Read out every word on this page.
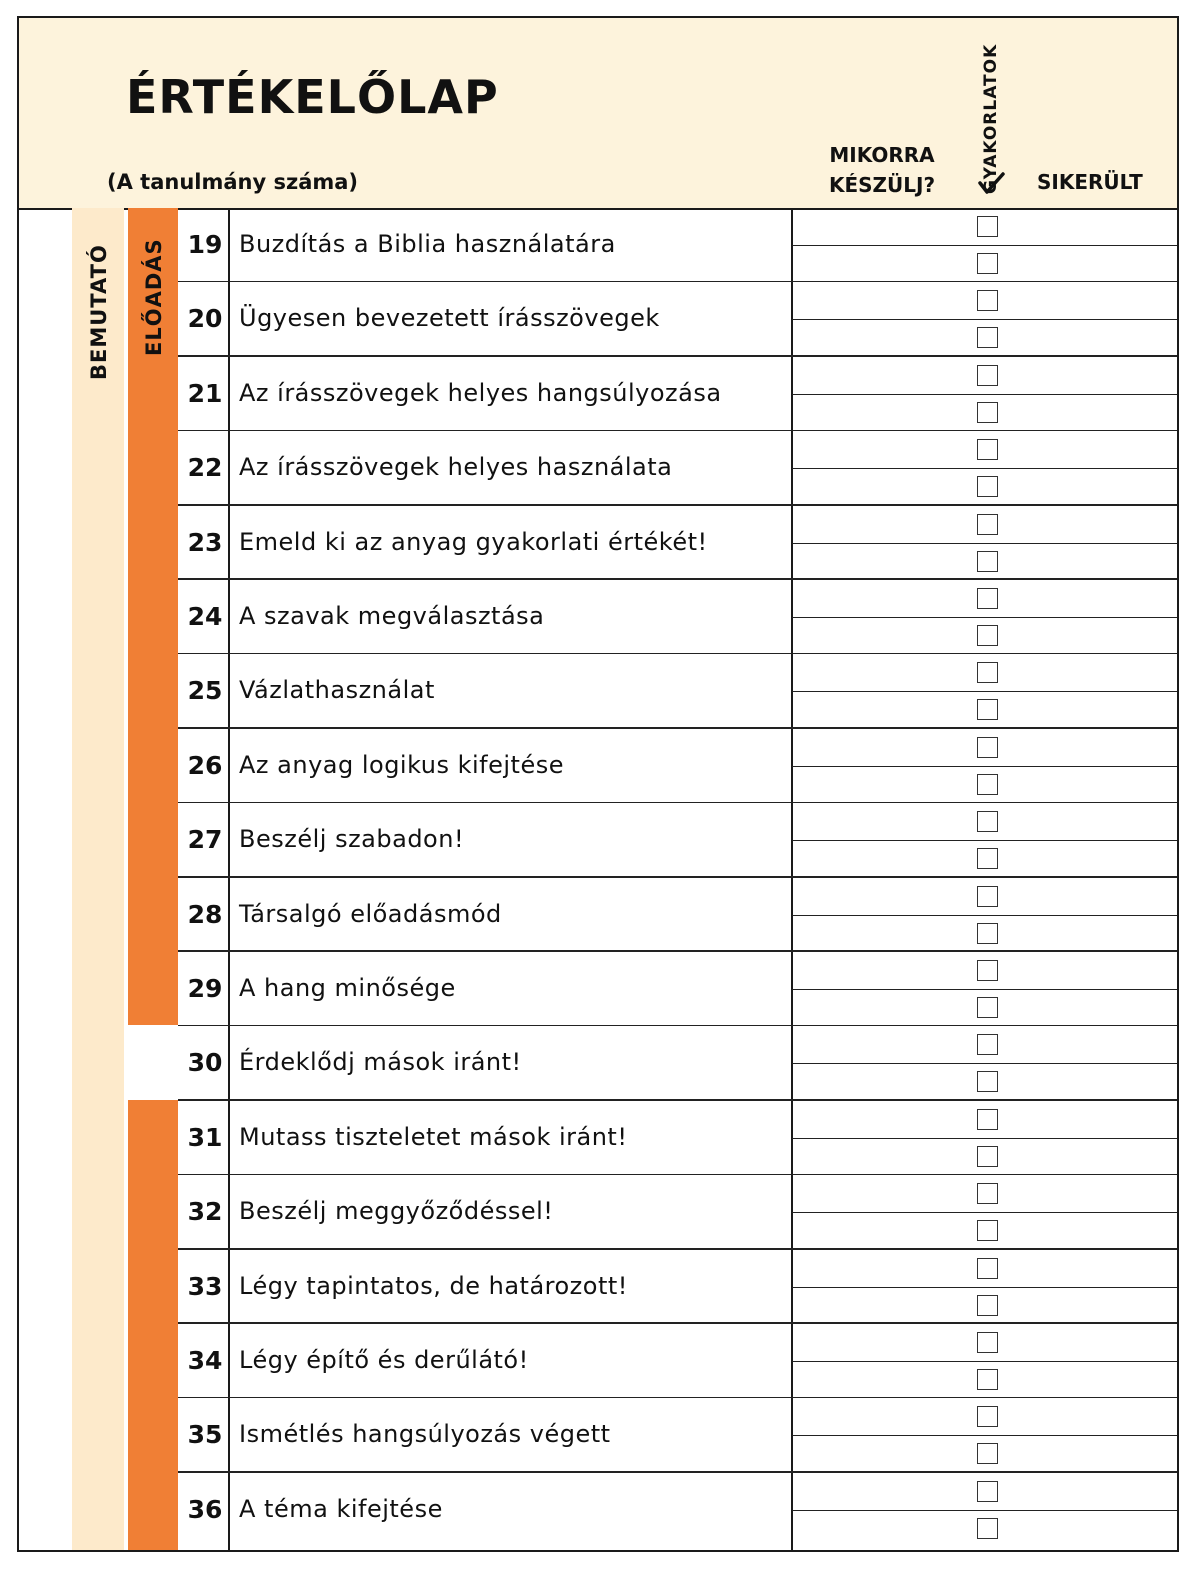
ÉRTÉKELŐLAP
(A tanulmány száma)
MIKORRA
KÉSZÜLJ?	GYAKORLATOK SIKERÜLT
BEMUTATÓ ELŐADÁS 19 Buzdítás a Biblia használatára
20 Ügyesen bevezetett írásszövegek
21 Az írásszövegek helyes hangsúlyozása
22 Az írásszövegek helyes használata
23 Emeld ki az anyag gyakorlati értékét!
24 A szavak megválasztása
25 Vázlathasználat
26 Az anyag logikus kifejtése
27 Beszélj szabadon!
28 Társalgó előadásmód
29 A hang minősége
30 Érdeklődj mások iránt!
31 Mutass tiszteletet mások iránt!
32 Beszélj meggyőződéssel!
33 Légy tapintatos, de határozott!
34 Légy építő és derűlátó!
35 Ismétlés hangsúlyozás végett
36 A téma kifejtése
